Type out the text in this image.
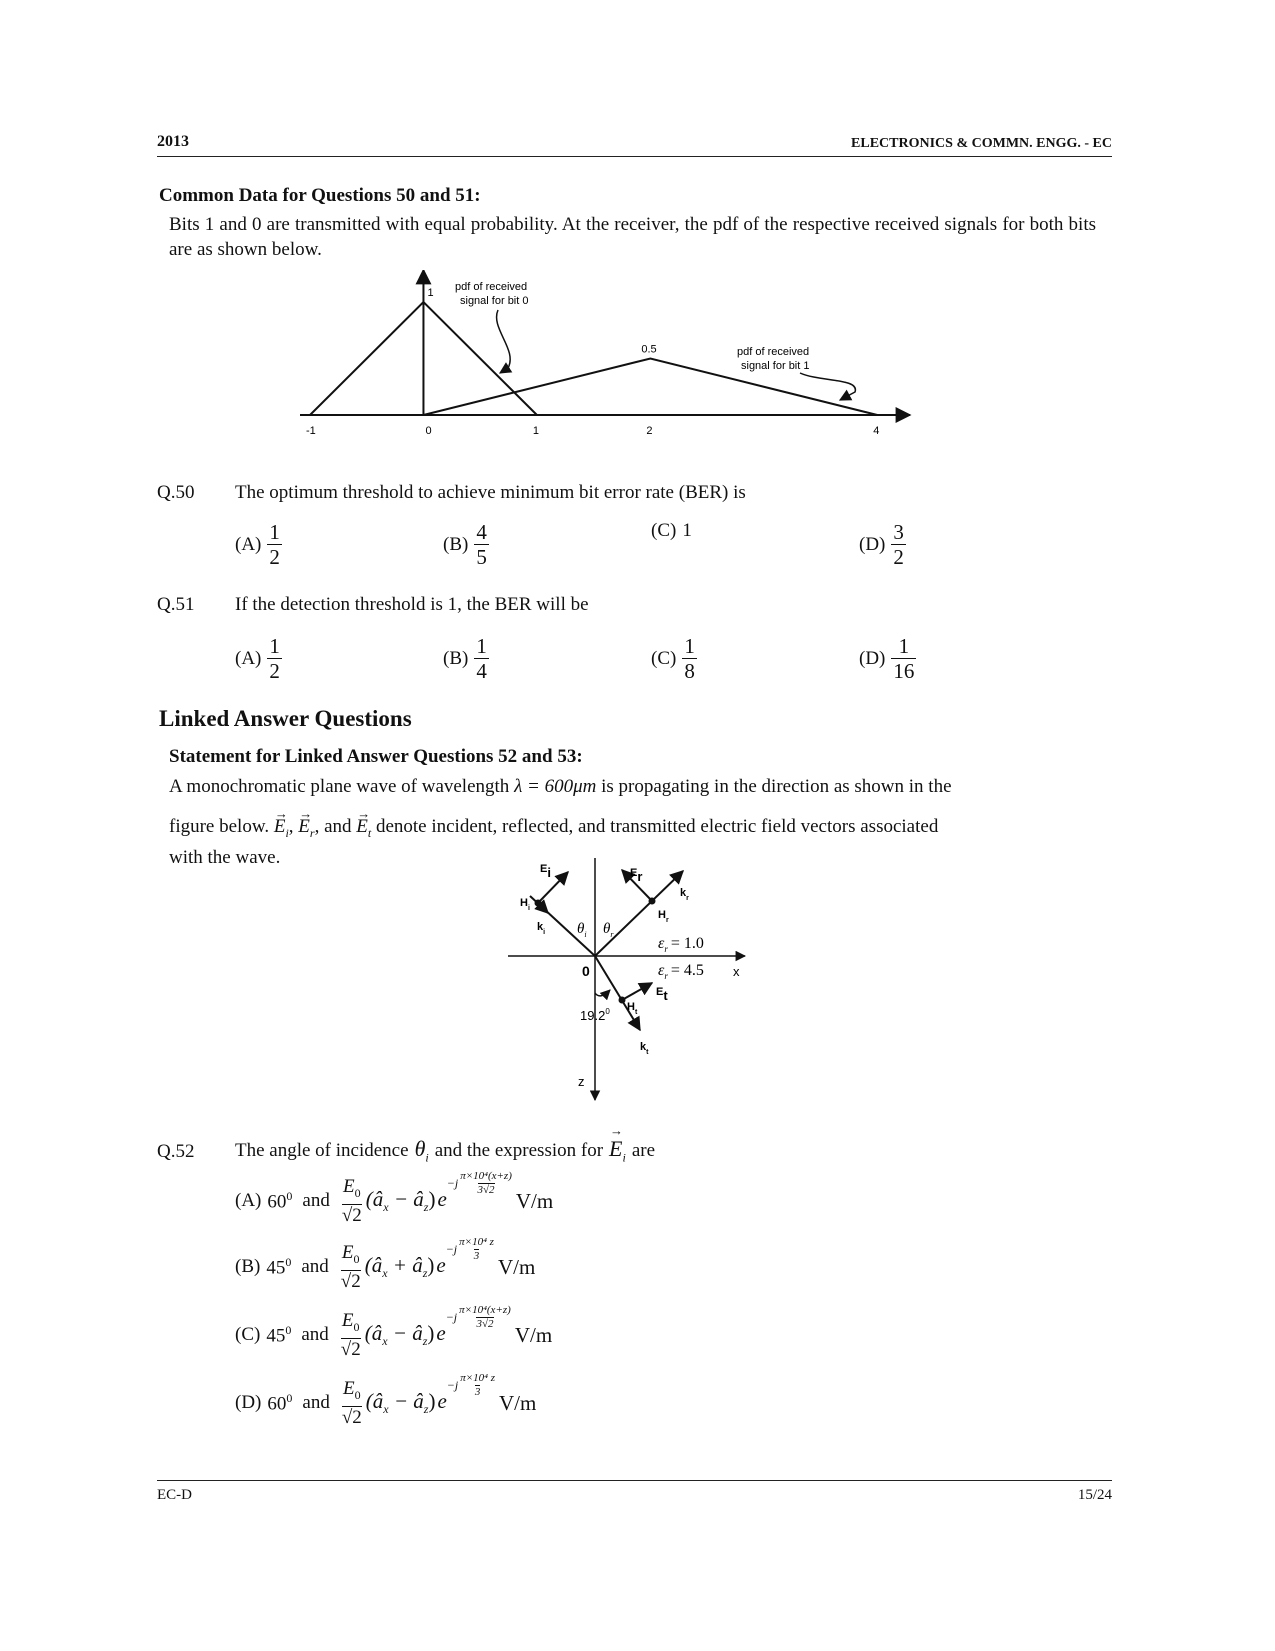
2013	ELECTRONICS & COMMN. ENGG. - EC
Common Data for Questions 50 and 51:
Bits 1 and 0 are transmitted with equal probability. At the receiver, the pdf of the respective received signals for both bits are as shown below.
-1	0	1	2	4
1
0.5
pdf of received
signal for bit 0
pdf of received
signal for bit 1
Q.50 The optimum threshold to achieve minimum bit error rate (BER) is
$(A) \frac{1}{2}$	$(B) \frac{4}{5}$	(C) 1
$(D) \frac{3}{2}$
Q.51 If the detection threshold is 1, the BER will be
$(A) \frac{1}{2}$	$(B) \frac{1}{4}$	$(C) \frac{1}{8}$	$(D) \frac{1}{16}$
Linked Answer Questions
Statement for Linked Answer Questions 52 and 53:
A monochromatic plane wave of wavelength λ = 600μm is propagating in the direction as shown in the
figure below. → $E_i$, → $E_r$, and → $E_t$ denote incident, reflected, and transmitted electric field vectors associated
with the wave.
Ei
$H_i$
$k_i$ $\theta_i$ $\theta_r$
Er
$k_r$
$H_r$
$\varepsilon_r = 1.0$
$\varepsilon_r = 4.5$
0	x
z
$H_t$
Et
$k_t$
19.2$^0$
Q.52 The angle of incidence $\theta_i$ and the expression for → $E_i$ are
(A) $60^0$ and $\frac{E_0}{√2}$ ($â_x$ − $â_z)e$
$-j \frac{\text{π×10⁴(x+z)}}{3√2}$
V/m
(B) $45^0$ and $\frac{E_0}{√2}$ ($â_x$ + $â_z)e$
$-j \frac{\text{π×10⁴ z}}{3}$
V/m
(C) $45^0$ and $\frac{E_0}{√2}$ ($â_x$ − $â_z)e$
$-j \frac{\text{π×10⁴(x+z)}}{3√2}$
V/m
(D) $60^0$ and $\frac{E_0}{√2}$ ($â_x$ − $â_z)e$
$-j \frac{\text{π×10⁴ z}}{3}$
V/m
EC-D	15/24
